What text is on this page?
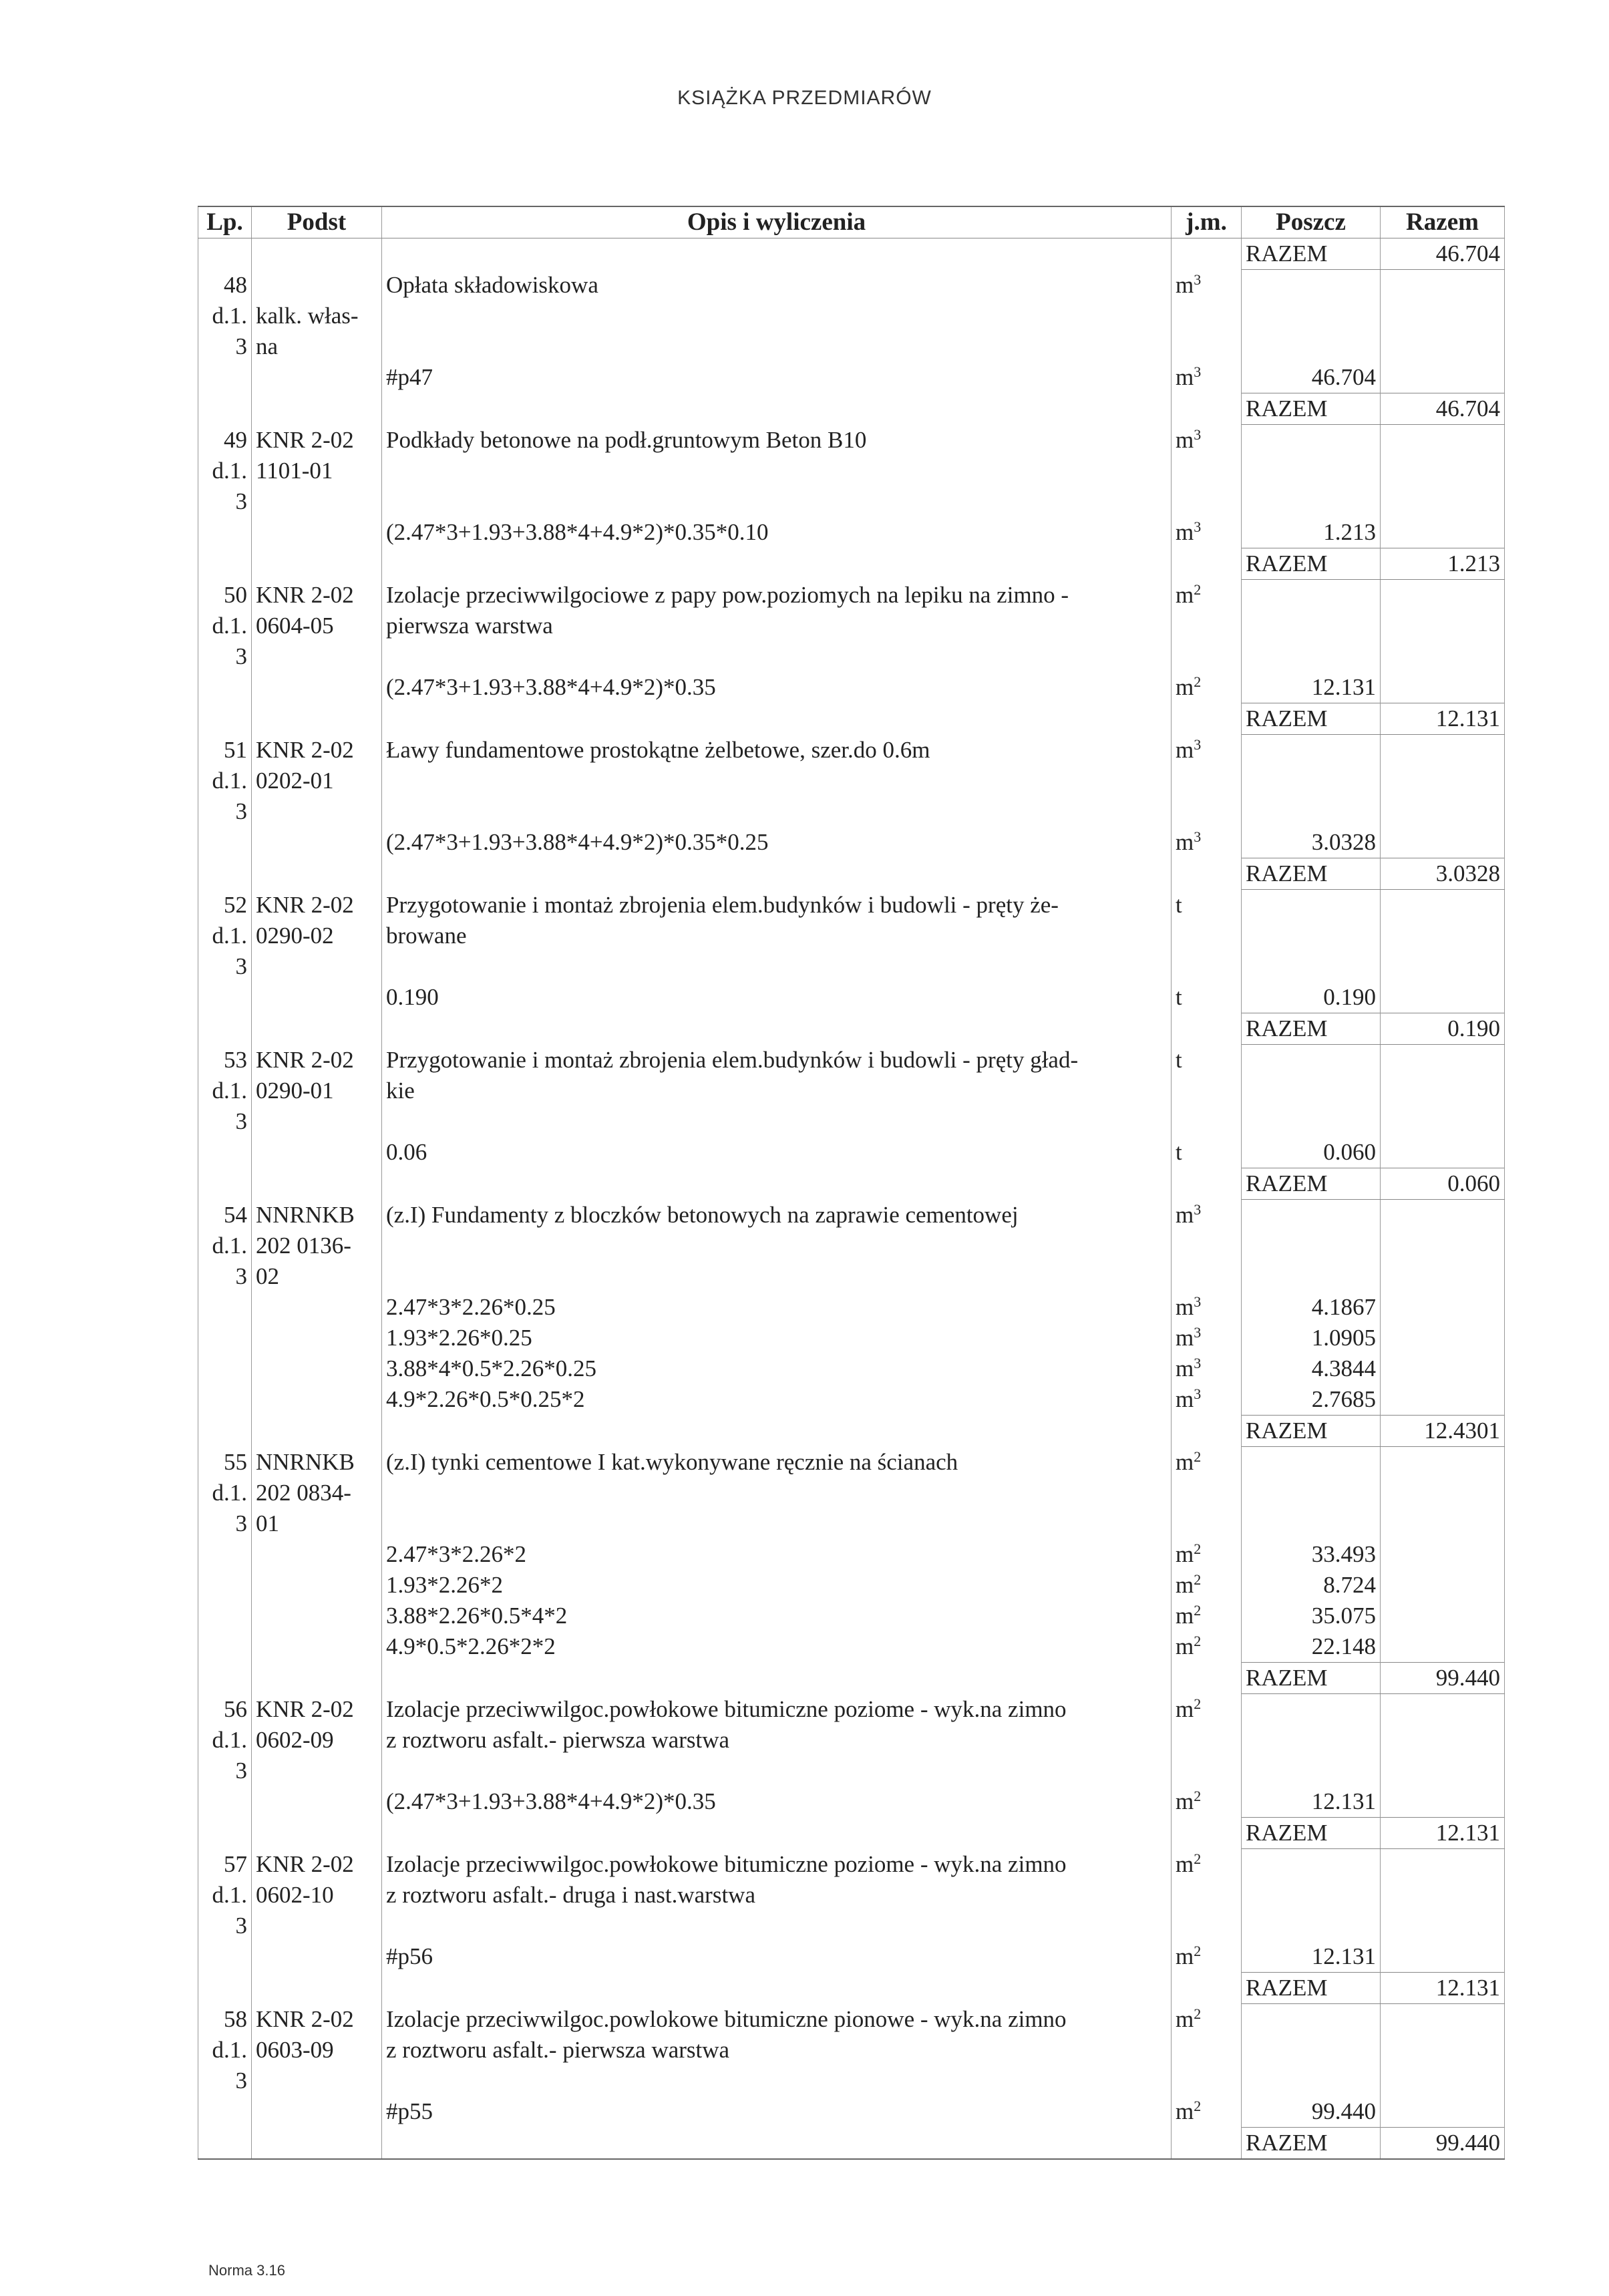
KSIĄŻKA PRZEDMIARÓW
Lp.	Podst	Opis i wyliczenia	j.m.	Poszcz	Razem
				RAZEM	46.704
48		Opłata składowiskowa	$m^3$		
d.1.	kalk. włas-				
3	na				
		#p47	$m^3$	46.704	
				RAZEM	46.704
49	KNR 2-02	Podkłady betonowe na podł.gruntowym Beton B10	$m^3$		
d.1.	1101-01				
3					
		(2.47*3+1.93+3.88*4+4.9*2)*0.35*0.10	$m^3$	1.213	
				RAZEM	1.213
50	KNR 2-02	Izolacje przeciwwilgociowe z papy pow.poziomych na lepiku na zimno -	$m^2$		
d.1.	0604-05	pierwsza warstwa			
3					
		(2.47*3+1.93+3.88*4+4.9*2)*0.35	$m^2$	12.131	
				RAZEM	12.131
51	KNR 2-02	Ławy fundamentowe prostokątne żelbetowe, szer.do 0.6m	$m^3$		
d.1.	0202-01				
3					
		(2.47*3+1.93+3.88*4+4.9*2)*0.35*0.25	$m^3$	3.0328	
				RAZEM	3.0328
52	KNR 2-02	Przygotowanie i montaż zbrojenia elem.budynków i budowli - pręty że-	t		
d.1.	0290-02	browane			
3					
		0.190	t	0.190	
				RAZEM	0.190
53	KNR 2-02	Przygotowanie i montaż zbrojenia elem.budynków i budowli - pręty gład-	t		
d.1.	0290-01	kie			
3					
		0.06	t	0.060	
				RAZEM	0.060
54	NNRNKB	(z.I) Fundamenty z bloczków betonowych na zaprawie cementowej	$m^3$		
d.1.	202 0136-				
3	02				
		2.47*3*2.26*0.25	$m^3$	4.1867	
		1.93*2.26*0.25	$m^3$	1.0905	
		3.88*4*0.5*2.26*0.25	$m^3$	4.3844	
		4.9*2.26*0.5*0.25*2	$m^3$	2.7685	
				RAZEM	12.4301
55	NNRNKB	(z.I) tynki cementowe I kat.wykonywane ręcznie na ścianach	$m^2$		
d.1.	202 0834-				
3	01				
		2.47*3*2.26*2	$m^2$	33.493	
		1.93*2.26*2	$m^2$	8.724	
		3.88*2.26*0.5*4*2	$m^2$	35.075	
		4.9*0.5*2.26*2*2	$m^2$	22.148	
				RAZEM	99.440
56	KNR 2-02	Izolacje przeciwwilgoc.powłokowe bitumiczne poziome - wyk.na zimno	$m^2$		
d.1.	0602-09	z roztworu asfalt.- pierwsza warstwa			
3					
		(2.47*3+1.93+3.88*4+4.9*2)*0.35	$m^2$	12.131	
				RAZEM	12.131
57	KNR 2-02	Izolacje przeciwwilgoc.powłokowe bitumiczne poziome - wyk.na zimno	$m^2$		
d.1.	0602-10	z roztworu asfalt.- druga i nast.warstwa			
3					
		#p56	$m^2$	12.131	
				RAZEM	12.131
58	KNR 2-02	Izolacje przeciwwilgoc.powlokowe bitumiczne pionowe - wyk.na zimno	$m^2$		
d.1.	0603-09	z roztworu asfalt.- pierwsza warstwa			
3					
		#p55	$m^2$	99.440	
				RAZEM	99.440
Norma 3.16
